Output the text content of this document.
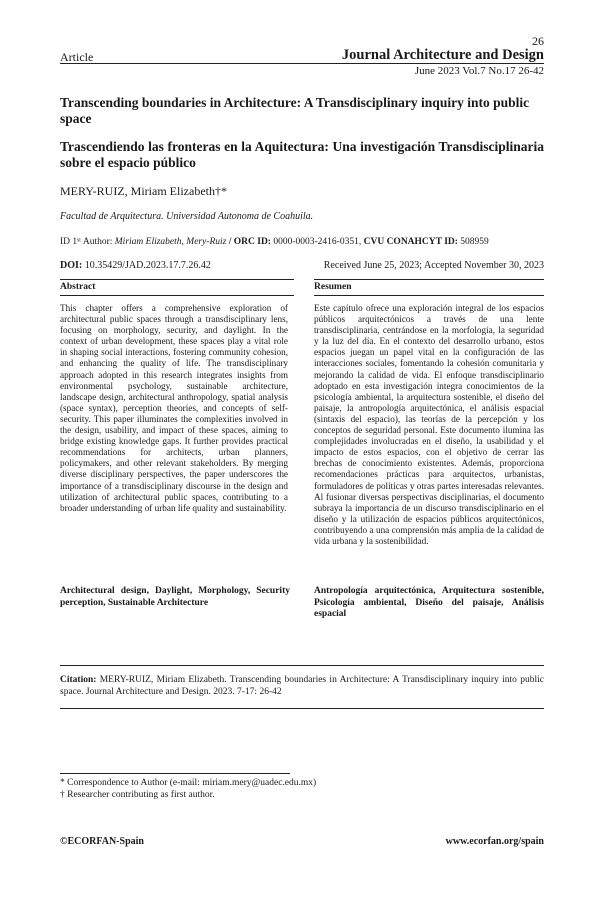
26
Article	Journal Architecture and Design
June 2023 Vol.7 No.17 26-42
Transcending boundaries in Architecture: A Transdisciplinary inquiry into public space
Trascendiendo las fronteras en la Aquitectura: Una investigación Transdisciplinaria sobre el espacio público
MERY-RUIZ, Miriam Elizabeth†*
Facultad de Arquitectura. Universidad Autonoma de Coahuila.
ID 1ˢᵗ Author: Miriam Elizabeth, Mery-Ruiz / ORC ID: 0000-0003-2416-0351, CVU CONAHCYT ID: 508959
DOI: 10.35429/JAD.2023.17.7.26.42	Received June 25, 2023; Accepted November 30, 2023
Abstract	Resumen
This chapter offers a comprehensive exploration of architectural public spaces through a transdisciplinary lens, focusing on morphology, security, and daylight. In the context of urban development, these spaces play a vital role in shaping social interactions, fostering community cohesion, and enhancing the quality of life. The transdisciplinary approach adopted in this research integrates insights from environmental psychology, sustainable architecture, landscape design, architectural anthropology, spatial analysis (space syntax), perception theories, and concepts of self-security. This paper illuminates the complexities involved in the design, usability, and impact of these spaces, aiming to bridge existing knowledge gaps. It further provides practical recommendations for architects, urban planners, policymakers, and other relevant stakeholders. By merging diverse disciplinary perspectives, the paper underscores the importance of a transdisciplinary discourse in the design and utilization of architectural public spaces, contributing to a broader understanding of urban life quality and sustainability.
Este capítulo ofrece una exploración integral de los espacios públicos arquitectónicos a través de una lente transdisciplinaria, centrándose en la morfología, la seguridad y la luz del día. En el contexto del desarrollo urbano, estos espacios juegan un papel vital en la configuración de las interacciones sociales, fomentando la cohesión comunitaria y mejorando la calidad de vida. El enfoque transdisciplinario adoptado en esta investigación integra conocimientos de la psicología ambiental, la arquitectura sostenible, el diseño del paisaje, la antropología arquitectónica, el análisis espacial (sintaxis del espacio), las teorías de la percepción y los conceptos de seguridad personal. Este documento ilumina las complejidades involucradas en el diseño, la usabilidad y el impacto de estos espacios, con el objetivo de cerrar las brechas de conocimiento existentes. Además, proporciona recomendaciones prácticas para arquitectos, urbanistas, formuladores de políticas y otras partes interesadas relevantes. Al fusionar diversas perspectivas disciplinarias, el documento subraya la importancia de un discurso transdisciplinario en el diseño y la utilización de espacios públicos arquitectónicos, contribuyendo a una comprensión más amplia de la calidad de vida urbana y la sostenibilidad.
Architectural design, Daylight, Morphology, Security perception, Sustainable Architecture
Antropología arquitectónica, Arquitectura sostenible, Psicología ambiental, Diseño del paisaje, Análisis espacial
Citation: MERY-RUIZ, Miriam Elizabeth. Transcending boundaries in Architecture: A Transdisciplinary inquiry into public space. Journal Architecture and Design. 2023. 7-17: 26-42
* Correspondence to Author (e-mail: miriam.mery@uadec.edu.mx)
† Researcher contributing as first author.
©ECORFAN-Spain	www.ecorfan.org/spain
